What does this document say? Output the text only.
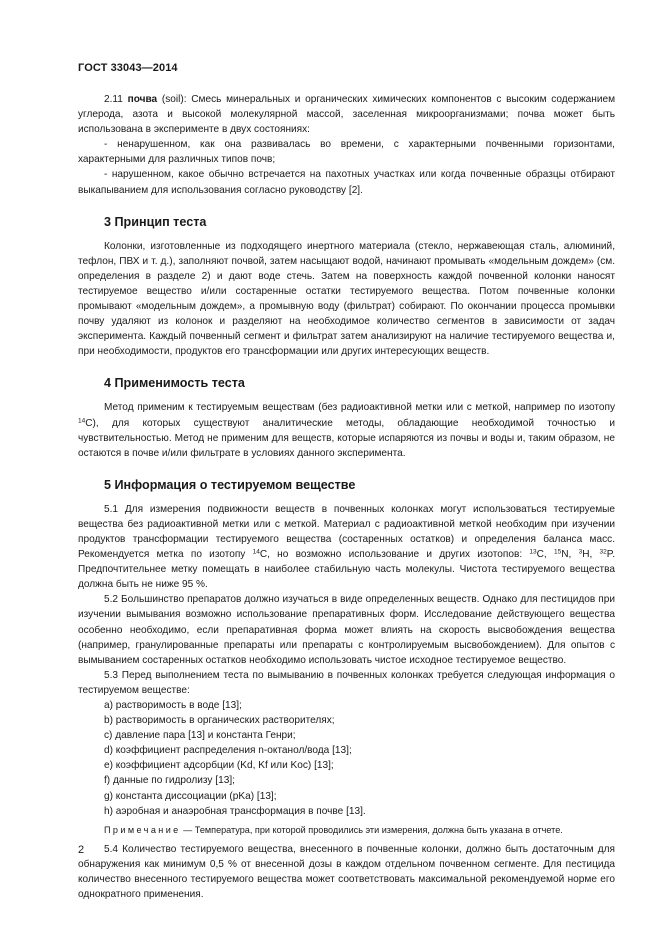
ГОСТ 33043—2014

2.11 почва (soil): Смесь минеральных и органических химических компонентов с высоким содержанием углерода, азота и высокой молекулярной массой, заселенная микроорганизмами; почва может быть использована в эксперименте в двух состояниях:

- ненарушенном, как она развивалась во времени, с характерными почвенными горизонтами, характерными для различных типов почв;

- нарушенном, какое обычно встречается на пахотных участках или когда почвенные образцы отбирают выкапыванием для использования согласно руководству [2].

3 Принцип теста

Колонки, изготовленные из подходящего инертного материала (стекло, нержавеющая сталь, алюминий, тефлон, ПВХ и т. д.), заполняют почвой, затем насыщают водой, начинают промывать «модельным дождем» (см. определения в разделе 2) и дают воде стечь. Затем на поверхность каждой почвенной колонки наносят тестируемое вещество и/или состаренные остатки тестируемого вещества. Потом почвенные колонки промывают «модельным дождем», а промывную воду (фильтрат) собирают. По окончании процесса промывки почву удаляют из колонок и разделяют на необходимое количество сегментов в зависимости от задач эксперимента. Каждый почвенный сегмент и фильтрат затем анализируют на наличие тестируемого вещества и, при необходимости, продуктов его трансформации или других интересующих веществ.

4 Применимость теста

Метод применим к тестируемым веществам (без радиоактивной метки или с меткой, например по изотопу $^{14}$C), для которых существуют аналитические методы, обладающие необходимой точностью и чувствительностью. Метод не применим для веществ, которые испаряются из почвы и воды и, таким образом, не остаются в почве и/или фильтрате в условиях данного эксперимента.

5 Информация о тестируемом веществе

5.1 Для измерения подвижности веществ в почвенных колонках могут использоваться тестируемые вещества без радиоактивной метки или с меткой. Материал с радиоактивной меткой необходим при изучении продуктов трансформации тестируемого вещества (состаренных остатков) и определения баланса масс. Рекомендуется метка по изотопу $^{14}$C, но возможно использование и других изотопов: $^{13}$C, $^{15}$N, $^3$H, $^{32}$P. Предпочтительнее метку помещать в наиболее стабильную часть молекулы. Чистота тестируемого вещества должна быть не ниже 95 %.

5.2 Большинство препаратов должно изучаться в виде определенных веществ. Однако для пестицидов при изучении вымывания возможно использование препаративных форм. Исследование действующего вещества особенно необходимо, если препаративная форма может влиять на скорость высвобождения вещества (например, гранулированные препараты или препараты с контролируемым высвобождением). Для опытов с вымыванием состаренных остатков необходимо использовать чистое исходное тестируемое вещество.

5.3 Перед выполнением теста по вымыванию в почвенных колонках требуется следующая информация о тестируемом веществе:

а) растворимость в воде [13];

b) растворимость в органических растворителях;

c) давление пара [13] и константа Генри;

d) коэффициент распределения n-октанол/вода [13];

e) коэффициент адсорбции (Kd, Kf или Koc) [13];

f) данные по гидролизу [13];

g) константа диссоциации (pKa) [13];

h) аэробная и анаэробная трансформация в почве [13].

Примечание — Температура, при которой проводились эти измерения, должна быть указана в отчете.

5.4 Количество тестируемого вещества, внесенного в почвенные колонки, должно быть достаточным для обнаружения как минимум 0,5 % от внесенной дозы в каждом отдельном почвенном сегменте. Для пестицида количество внесенного тестируемого вещества может соответствовать максимальной рекомендуемой норме его однократного применения.

2
